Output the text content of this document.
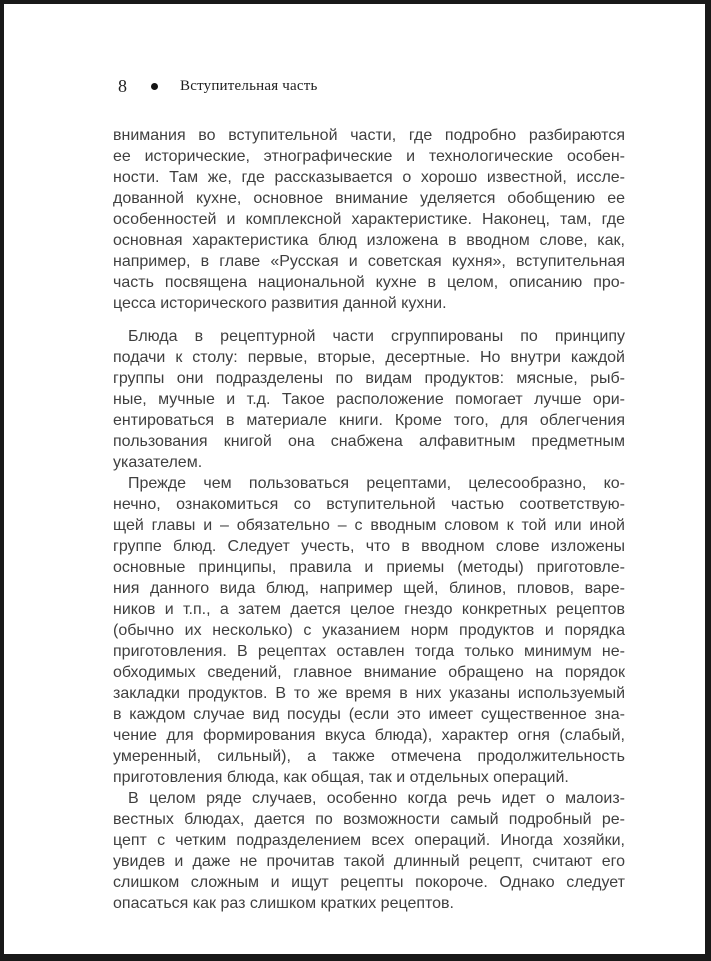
8	Вступительная часть

внимания во вступительной части, где подробно разбираются
ее исторические, этнографические и технологические особен-
ности. Там же, где рассказывается о хорошо известной, иссле-
дованной кухне, основное внимание уделяется обобщению ее
особенностей и комплексной характеристике. Наконец, там, где
основная характеристика блюд изложена в вводном слове, как,
например, в главе «Русская и советская кухня», вступительная
часть посвящена национальной кухне в целом, описанию про-
цесса исторического развития данной кухни.

Блюда в рецептурной части сгруппированы по принципу
подачи к столу: первые, вторые, десертные. Но внутри каждой
группы они подразделены по видам продуктов: мясные, рыб-
ные, мучные и т.д. Такое расположение помогает лучше ори-
ентироваться в материале книги. Кроме того, для облегчения
пользования книгой она снабжена алфавитным предметным
указателем.

Прежде чем пользоваться рецептами, целесообразно, ко-
нечно, ознакомиться со вступительной частью соответствую-
щей главы и – обязательно – с вводным словом к той или иной
группе блюд. Следует учесть, что в вводном слове изложены
основные принципы, правила и приемы (методы) приготовле-
ния данного вида блюд, например щей, блинов, пловов, варе-
ников и т.п., а затем дается целое гнездо конкретных рецептов
(обычно их несколько) с указанием норм продуктов и порядка
приготовления. В рецептах оставлен тогда только минимум не-
обходимых сведений, главное внимание обращено на порядок
закладки продуктов. В то же время в них указаны используемый
в каждом случае вид посуды (если это имеет существенное зна-
чение для формирования вкуса блюда), характер огня (слабый,
умеренный, сильный), а также отмечена продолжительность
приготовления блюда, как общая, так и отдельных операций.

В целом ряде случаев, особенно когда речь идет о малоиз-
вестных блюдах, дается по возможности самый подробный ре-
цепт с четким подразделением всех операций. Иногда хозяйки,
увидев и даже не прочитав такой длинный рецепт, считают его
слишком сложным и ищут рецепты покороче. Однако следует
опасаться как раз слишком кратких рецептов.
